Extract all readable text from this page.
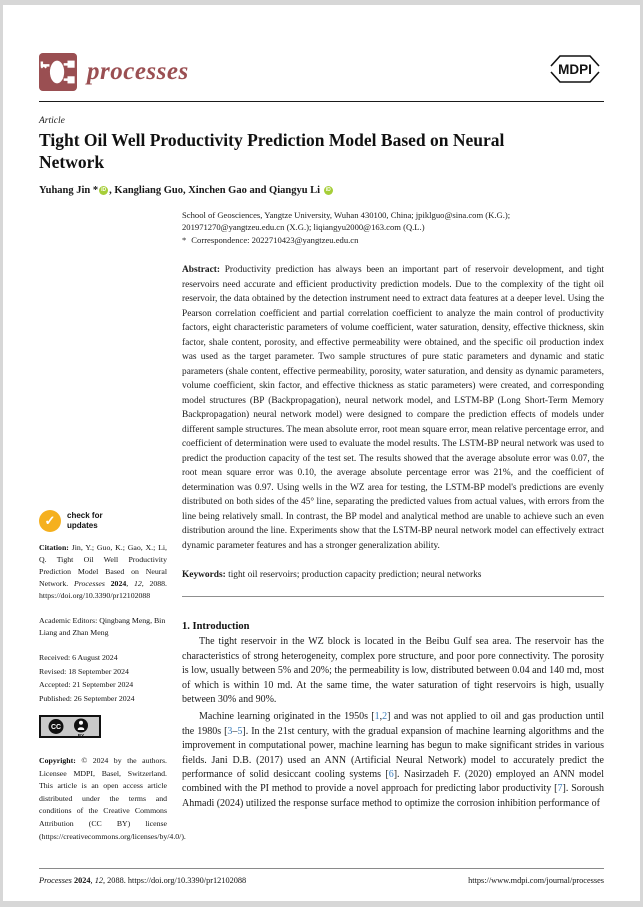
processes	MDPI
Article
Tight Oil Well Productivity Prediction Model Based on Neural Network
Yuhang Jin * iD , Kangliang Guo, Xinchen Gao and Qiangyu Li iD
✓	check for
updates

Citation: Jin, Y.; Guo, K.; Gao, X.; Li, Q. Tight Oil Well Productivity Prediction Model Based on Neural Network. Processes 2024, 12, 2088. https://doi.org/10.3390/pr12102088

Academic Editors: Qingbang Meng, Bin Liang and Zhan Meng

Received: 6 August 2024
Revised: 18 September 2024
Accepted: 21 September 2024
Published: 26 September 2024
CC
BY

Copyright: © 2024 by the authors. Licensee MDPI, Basel, Switzerland. This article is an open access article distributed under the terms and conditions of the Creative Commons Attribution (CC BY) license (https://creativecommons.org/licenses/by/4.0/).

School of Geosciences, Yangtze University, Wuhan 430100, China; jpiklguo@sina.com (K.G.);
201971270@yangtzeu.edu.cn (X.G.); liqiangyu2000@163.com (Q.L.)
* Correspondence: 2022710423@yangtzeu.edu.cn

Abstract: Productivity prediction has always been an important part of reservoir development, and tight reservoirs need accurate and efficient productivity prediction models. Due to the complexity of the tight oil reservoir, the data obtained by the detection instrument need to extract data features at a deeper level. Using the Pearson correlation coefficient and partial correlation coefficient to analyze the main control of productivity factors, eight characteristic parameters of volume coefficient, water saturation, density, effective thickness, skin factor, shale content, porosity, and effective permeability were obtained, and the specific oil production index was used as the target parameter. Two sample structures of pure static parameters and dynamic and static parameters (shale content, effective permeability, porosity, water saturation, and density as dynamic parameters, volume coefficient, skin factor, and effective thickness as static parameters) were created, and corresponding model structures (BP (Backpropagation), neural network model, and LSTM-BP (Long Short-Term Memory Backpropagation) neural network model) were designed to compare the prediction effects of models under different sample structures. The mean absolute error, root mean square error, mean relative percentage error, and coefficient of determination were used to evaluate the model results. The LSTM-BP neural network was used to predict the production capacity of the test set. The results showed that the average absolute error was 0.07, the root mean square error was 0.10, the average absolute percentage error was 21%, and the coefficient of determination was 0.97. Using wells in the WZ area for testing, the LSTM-BP model's predictions are evenly distributed on both sides of the 45° line, separating the predicted values from actual values, with errors from the line being relatively small. In contrast, the BP model and analytical method are unable to achieve such an even distribution around the line. Experiments show that the LSTM-BP neural network model can effectively extract dynamic parameter features and has a stronger generalization ability.

Keywords: tight oil reservoirs; production capacity prediction; neural networks

1. Introduction

The tight reservoir in the WZ block is located in the Beibu Gulf sea area. The reservoir has the characteristics of strong heterogeneity, complex pore structure, and poor pore connectivity. The porosity is low, usually between 5% and 20%; the permeability is low, distributed between 0.04 and 140 md, most of which is within 10 md. At the same time, the water saturation of tight reservoirs is high, usually between 30% and 90%.

Machine learning originated in the 1950s [1,2] and was not applied to oil and gas production until the 1980s [3–5]. In the 21st century, with the gradual expansion of machine learning algorithms and the improvement in computational power, machine learning has begun to make significant strides in various fields. Jani D.B. (2017) used an ANN (Artificial Neural Network) model to accurately predict the performance of solid desiccant cooling systems [6]. Nasirzadeh F. (2020) employed an ANN model combined with the PI method to provide a novel approach for predicting labor productivity [7]. Soroush Ahmadi (2024) utilized the response surface method to optimize the corrosion inhibition performance of

Processes 2024, 12, 2088. https://doi.org/10.3390/pr12102088	https://www.mdpi.com/journal/processes
